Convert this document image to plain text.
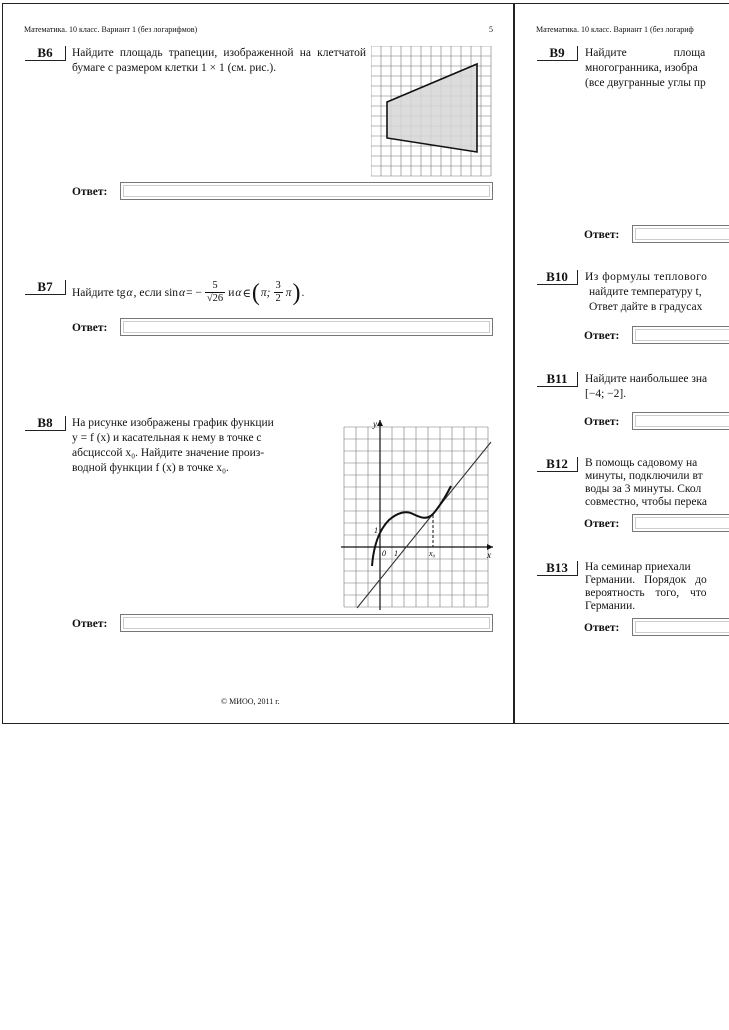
Математика. 10 класс. Вариант 1 (без логарифмов)	5
B6	Найдите площадь трапеции, изображенной на клетчатой бумаге с размером клетки 1 × 1 (см. рис.).
Ответ:
B7	Найдите tg α , если sin α = − $\frac{5}{√26}$ и α ∈ ( π; $\frac{3}{2}$ π ) .
Ответ:
B8	На рисунке изображены график функции
y = f (x) и касательная к нему в точке с
абсциссой x₀. Найдите значение произ-
водной функции f (x) в точке x₀.
x
y
0 1
1
x₀
Ответ:
© МИОО, 2011 г.
Математика. 10 класс. Вариант 1 (без логариф
B9	Найдите площа
многогранника, изобра
(все двугранные углы пр
Ответ:
B10	Из формулы теплового
найдите температуру t,
Ответ дайте в градусах
Ответ:
B11	Найдите наибольшее зна
[−4; −2].
Ответ:
B12	В помощь садовому на
минуты, подключили вт
воды за 3 минуты. Скол
совместно, чтобы перека
Ответ:
B13	На семинар приехали
Германии. Порядок до
вероятность того, что
Германии.
Ответ:
